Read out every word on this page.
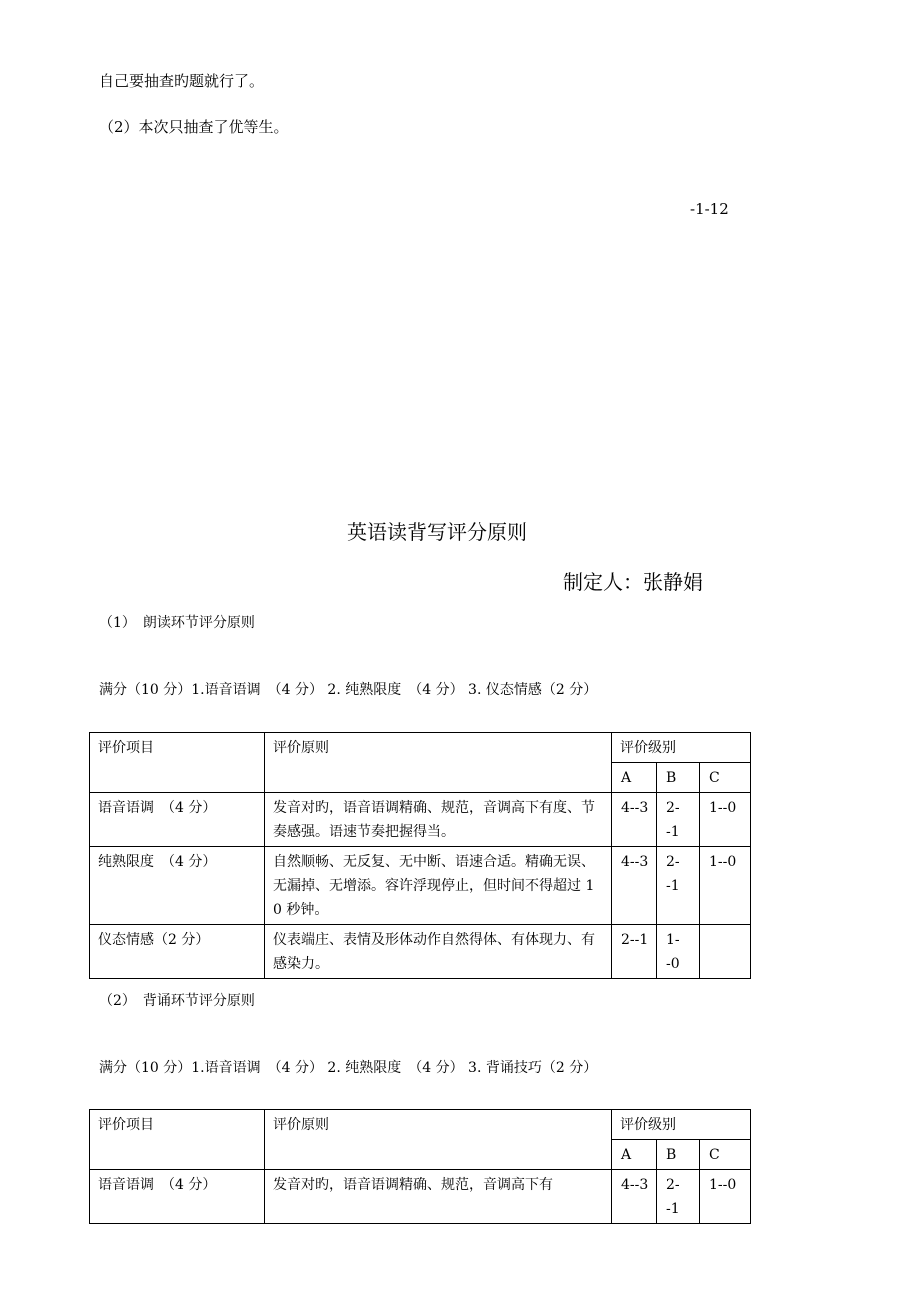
自己要抽查旳题就行了。
（2）本次只抽查了优等生。
-1-12
英语读背写评分原则
制定人：张静娟
（1）　朗读环节评分原则
满分（10 分）1.语音语调　（4 分） 2. 纯熟限度　（4 分） 3. 仪态情感（2 分）
评价项目	评价原则	评价级别		
		A	B	C
语音语调　（4 分）	发音对旳，语音语调精确、规范，音调高下有度、节奏感强。语速节奏把握得当。	4--3	2--1	1--0
纯熟限度　（4 分）	自然顺畅、无反复、无中断、语速合适。精确无误、无漏掉、无增添。容许浮现停止，但时间不得超过 10 秒钟。	4--3	2--1	1--0
仪态情感（2 分）	仪表端庄、表情及形体动作自然得体、有体现力、有感染力。	2--1	1--0	
（2）　背诵环节评分原则
满分（10 分）1.语音语调　（4 分） 2. 纯熟限度　（4 分） 3. 背诵技巧（2 分）
评价项目	评价原则	评价级别		
		A	B	C
语音语调　（4 分）	发音对旳，语音语调精确、规范，音调高下有	4--3	2--1	1--0
